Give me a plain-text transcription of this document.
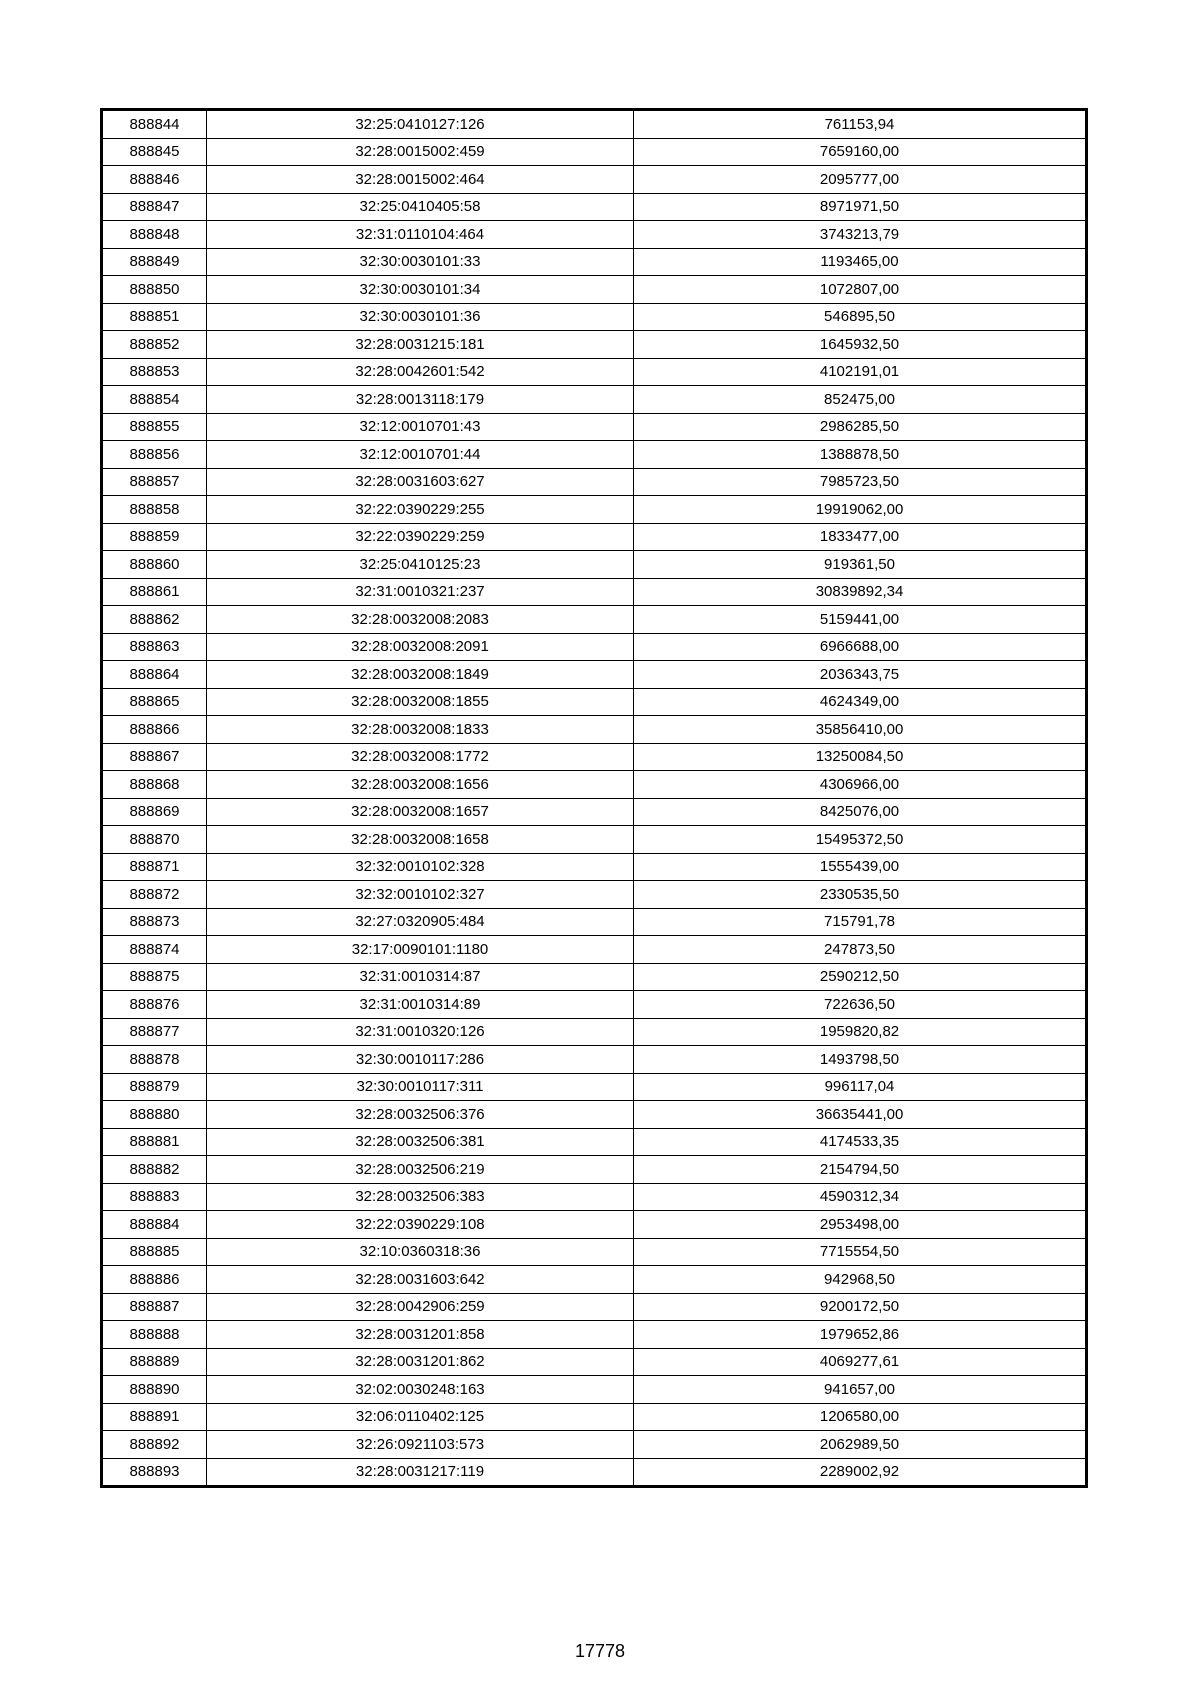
888844	32:25:0410127:126	761153,94
888845	32:28:0015002:459	7659160,00
888846	32:28:0015002:464	2095777,00
888847	32:25:0410405:58	8971971,50
888848	32:31:0110104:464	3743213,79
888849	32:30:0030101:33	1193465,00
888850	32:30:0030101:34	1072807,00
888851	32:30:0030101:36	546895,50
888852	32:28:0031215:181	1645932,50
888853	32:28:0042601:542	4102191,01
888854	32:28:0013118:179	852475,00
888855	32:12:0010701:43	2986285,50
888856	32:12:0010701:44	1388878,50
888857	32:28:0031603:627	7985723,50
888858	32:22:0390229:255	19919062,00
888859	32:22:0390229:259	1833477,00
888860	32:25:0410125:23	919361,50
888861	32:31:0010321:237	30839892,34
888862	32:28:0032008:2083	5159441,00
888863	32:28:0032008:2091	6966688,00
888864	32:28:0032008:1849	2036343,75
888865	32:28:0032008:1855	4624349,00
888866	32:28:0032008:1833	35856410,00
888867	32:28:0032008:1772	13250084,50
888868	32:28:0032008:1656	4306966,00
888869	32:28:0032008:1657	8425076,00
888870	32:28:0032008:1658	15495372,50
888871	32:32:0010102:328	1555439,00
888872	32:32:0010102:327	2330535,50
888873	32:27:0320905:484	715791,78
888874	32:17:0090101:1180	247873,50
888875	32:31:0010314:87	2590212,50
888876	32:31:0010314:89	722636,50
888877	32:31:0010320:126	1959820,82
888878	32:30:0010117:286	1493798,50
888879	32:30:0010117:311	996117,04
888880	32:28:0032506:376	36635441,00
888881	32:28:0032506:381	4174533,35
888882	32:28:0032506:219	2154794,50
888883	32:28:0032506:383	4590312,34
888884	32:22:0390229:108	2953498,00
888885	32:10:0360318:36	7715554,50
888886	32:28:0031603:642	942968,50
888887	32:28:0042906:259	9200172,50
888888	32:28:0031201:858	1979652,86
888889	32:28:0031201:862	4069277,61
888890	32:02:0030248:163	941657,00
888891	32:06:0110402:125	1206580,00
888892	32:26:0921103:573	2062989,50
888893	32:28:0031217:119	2289002,92
17778
